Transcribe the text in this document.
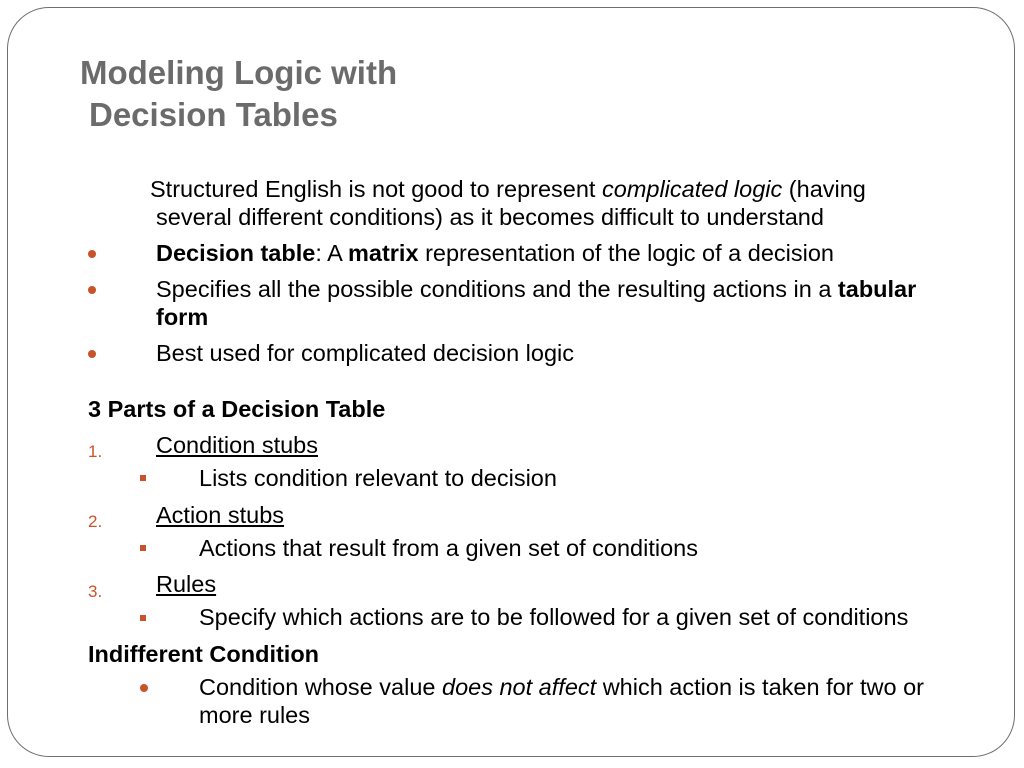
Modeling Logic with
Decision Tables
Structured English is not good to represent complicated logic (having
several different conditions) as it becomes difficult to understand
Decision table: A matrix representation of the logic of a decision
Specifies all the possible conditions and the resulting actions in a tabular
form
Best used for complicated decision logic
3 Parts of a Decision Table
1. Condition stubs
Lists condition relevant to decision
2. Action stubs
Actions that result from a given set of conditions
3. Rules
Specify which actions are to be followed for a given set of conditions
Indifferent Condition
Condition whose value does not affect which action is taken for two or
more rules
